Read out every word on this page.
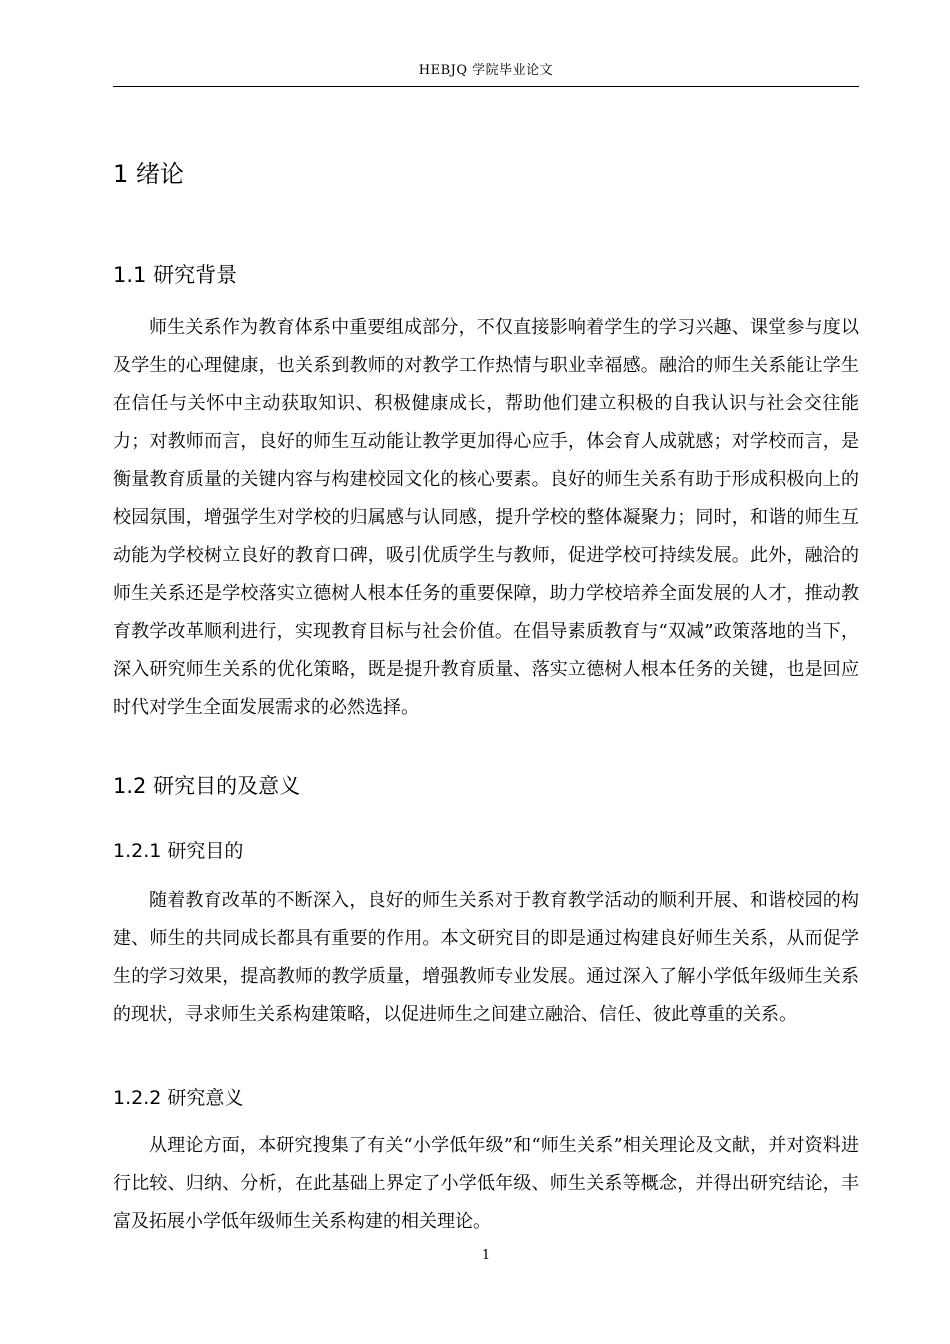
HEBJQ 学院毕业论文
1 绪论
1.1 研究背景

师生关系作为教育体系中重要组成部分，不仅直接影响着学生的学习兴趣、课堂参与度以及学生的心理健康，也关系到教师的对教学工作热情与职业幸福感。融洽的师生关系能让学生在信任与关怀中主动获取知识、积极健康成长，帮助他们建立积极的自我认识与社会交往能力；对教师而言，良好的师生互动能让教学更加得心应手，体会育人成就感；对学校而言，是衡量教育质量的关键内容与构建校园文化的核心要素。良好的师生关系有助于形成积极向上的校园氛围，增强学生对学校的归属感与认同感，提升学校的整体凝聚力；同时，和谐的师生互动能为学校树立良好的教育口碑，吸引优质学生与教师，促进学校可持续发展。此外，融洽的师生关系还是学校落实立德树人根本任务的重要保障，助力学校培养全面发展的人才，推动教育教学改革顺利进行，实现教育目标与社会价值。在倡导素质教育与“双减”政策落地的当下，深入研究师生关系的优化策略，既是提升教育质量、落实立德树人根本任务的关键，也是回应时代对学生全面发展需求的必然选择。

1.2 研究目的及意义
1.2.1 研究目的

随着教育改革的不断深入，良好的师生关系对于教育教学活动的顺利开展、和谐校园的构建、师生的共同成长都具有重要的作用。本文研究目的即是通过构建良好师生关系，从而促学生的学习效果，提高教师的教学质量，增强教师专业发展。通过深入了解小学低年级师生关系的现状，寻求师生关系构建策略，以促进师生之间建立融洽、信任、彼此尊重的关系。

1.2.2 研究意义

从理论方面，本研究搜集了有关“小学低年级”和“师生关系”相关理论及文献，并对资料进行比较、归纳、分析，在此基础上界定了小学低年级、师生关系等概念，并得出研究结论，丰富及拓展小学低年级师生关系构建的相关理论。

1
